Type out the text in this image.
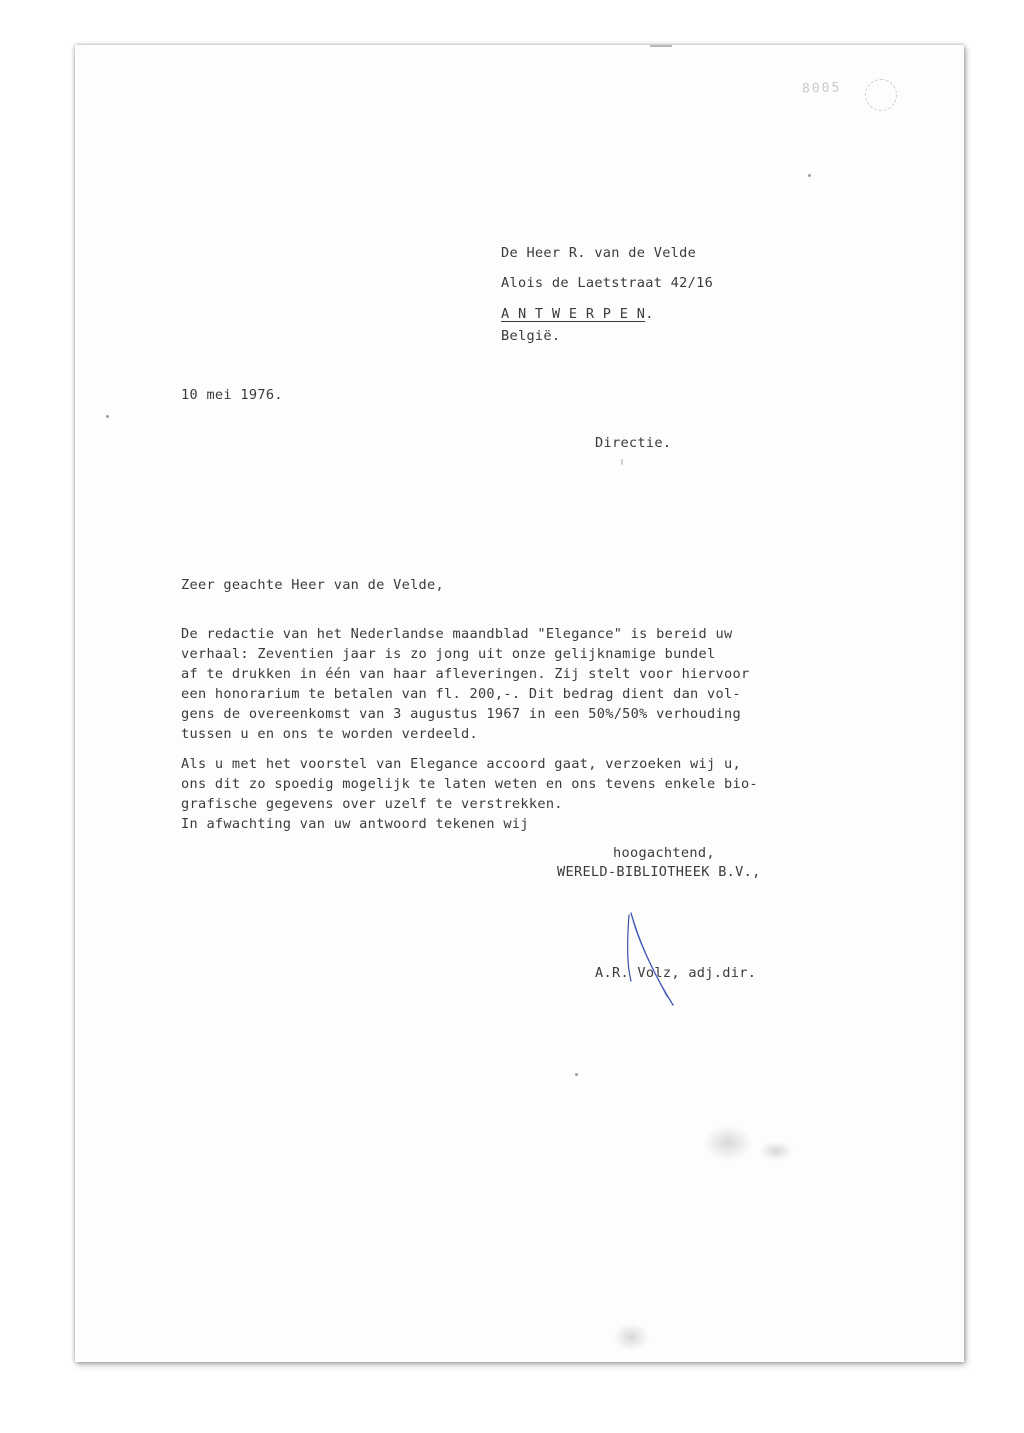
8005
De Heer R. van de Velde
Alois de Laetstraat 42/16
A N T W E R P E N.
België.
10 mei 1976.
Directie.
Zeer geachte Heer van de Velde,
De redactie van het Nederlandse maandblad "Elegance" is bereid uw
verhaal: Zeventien jaar is zo jong uit onze gelijknamige bundel
af te drukken in één van haar afleveringen. Zij stelt voor hiervoor
een honorarium te betalen van fl. 200,-. Dit bedrag dient dan vol-
gens de overeenkomst van 3 augustus 1967 in een 50%/50% verhouding
tussen u en ons te worden verdeeld.
Als u met het voorstel van Elegance accoord gaat, verzoeken wij u,
ons dit zo spoedig mogelijk te laten weten en ons tevens enkele bio-
grafische gegevens over uzelf te verstrekken.
In afwachting van uw antwoord tekenen wij
hoogachtend,
WERELD-BIBLIOTHEEK B.V.,
A.R. Volz, adj.dir.
